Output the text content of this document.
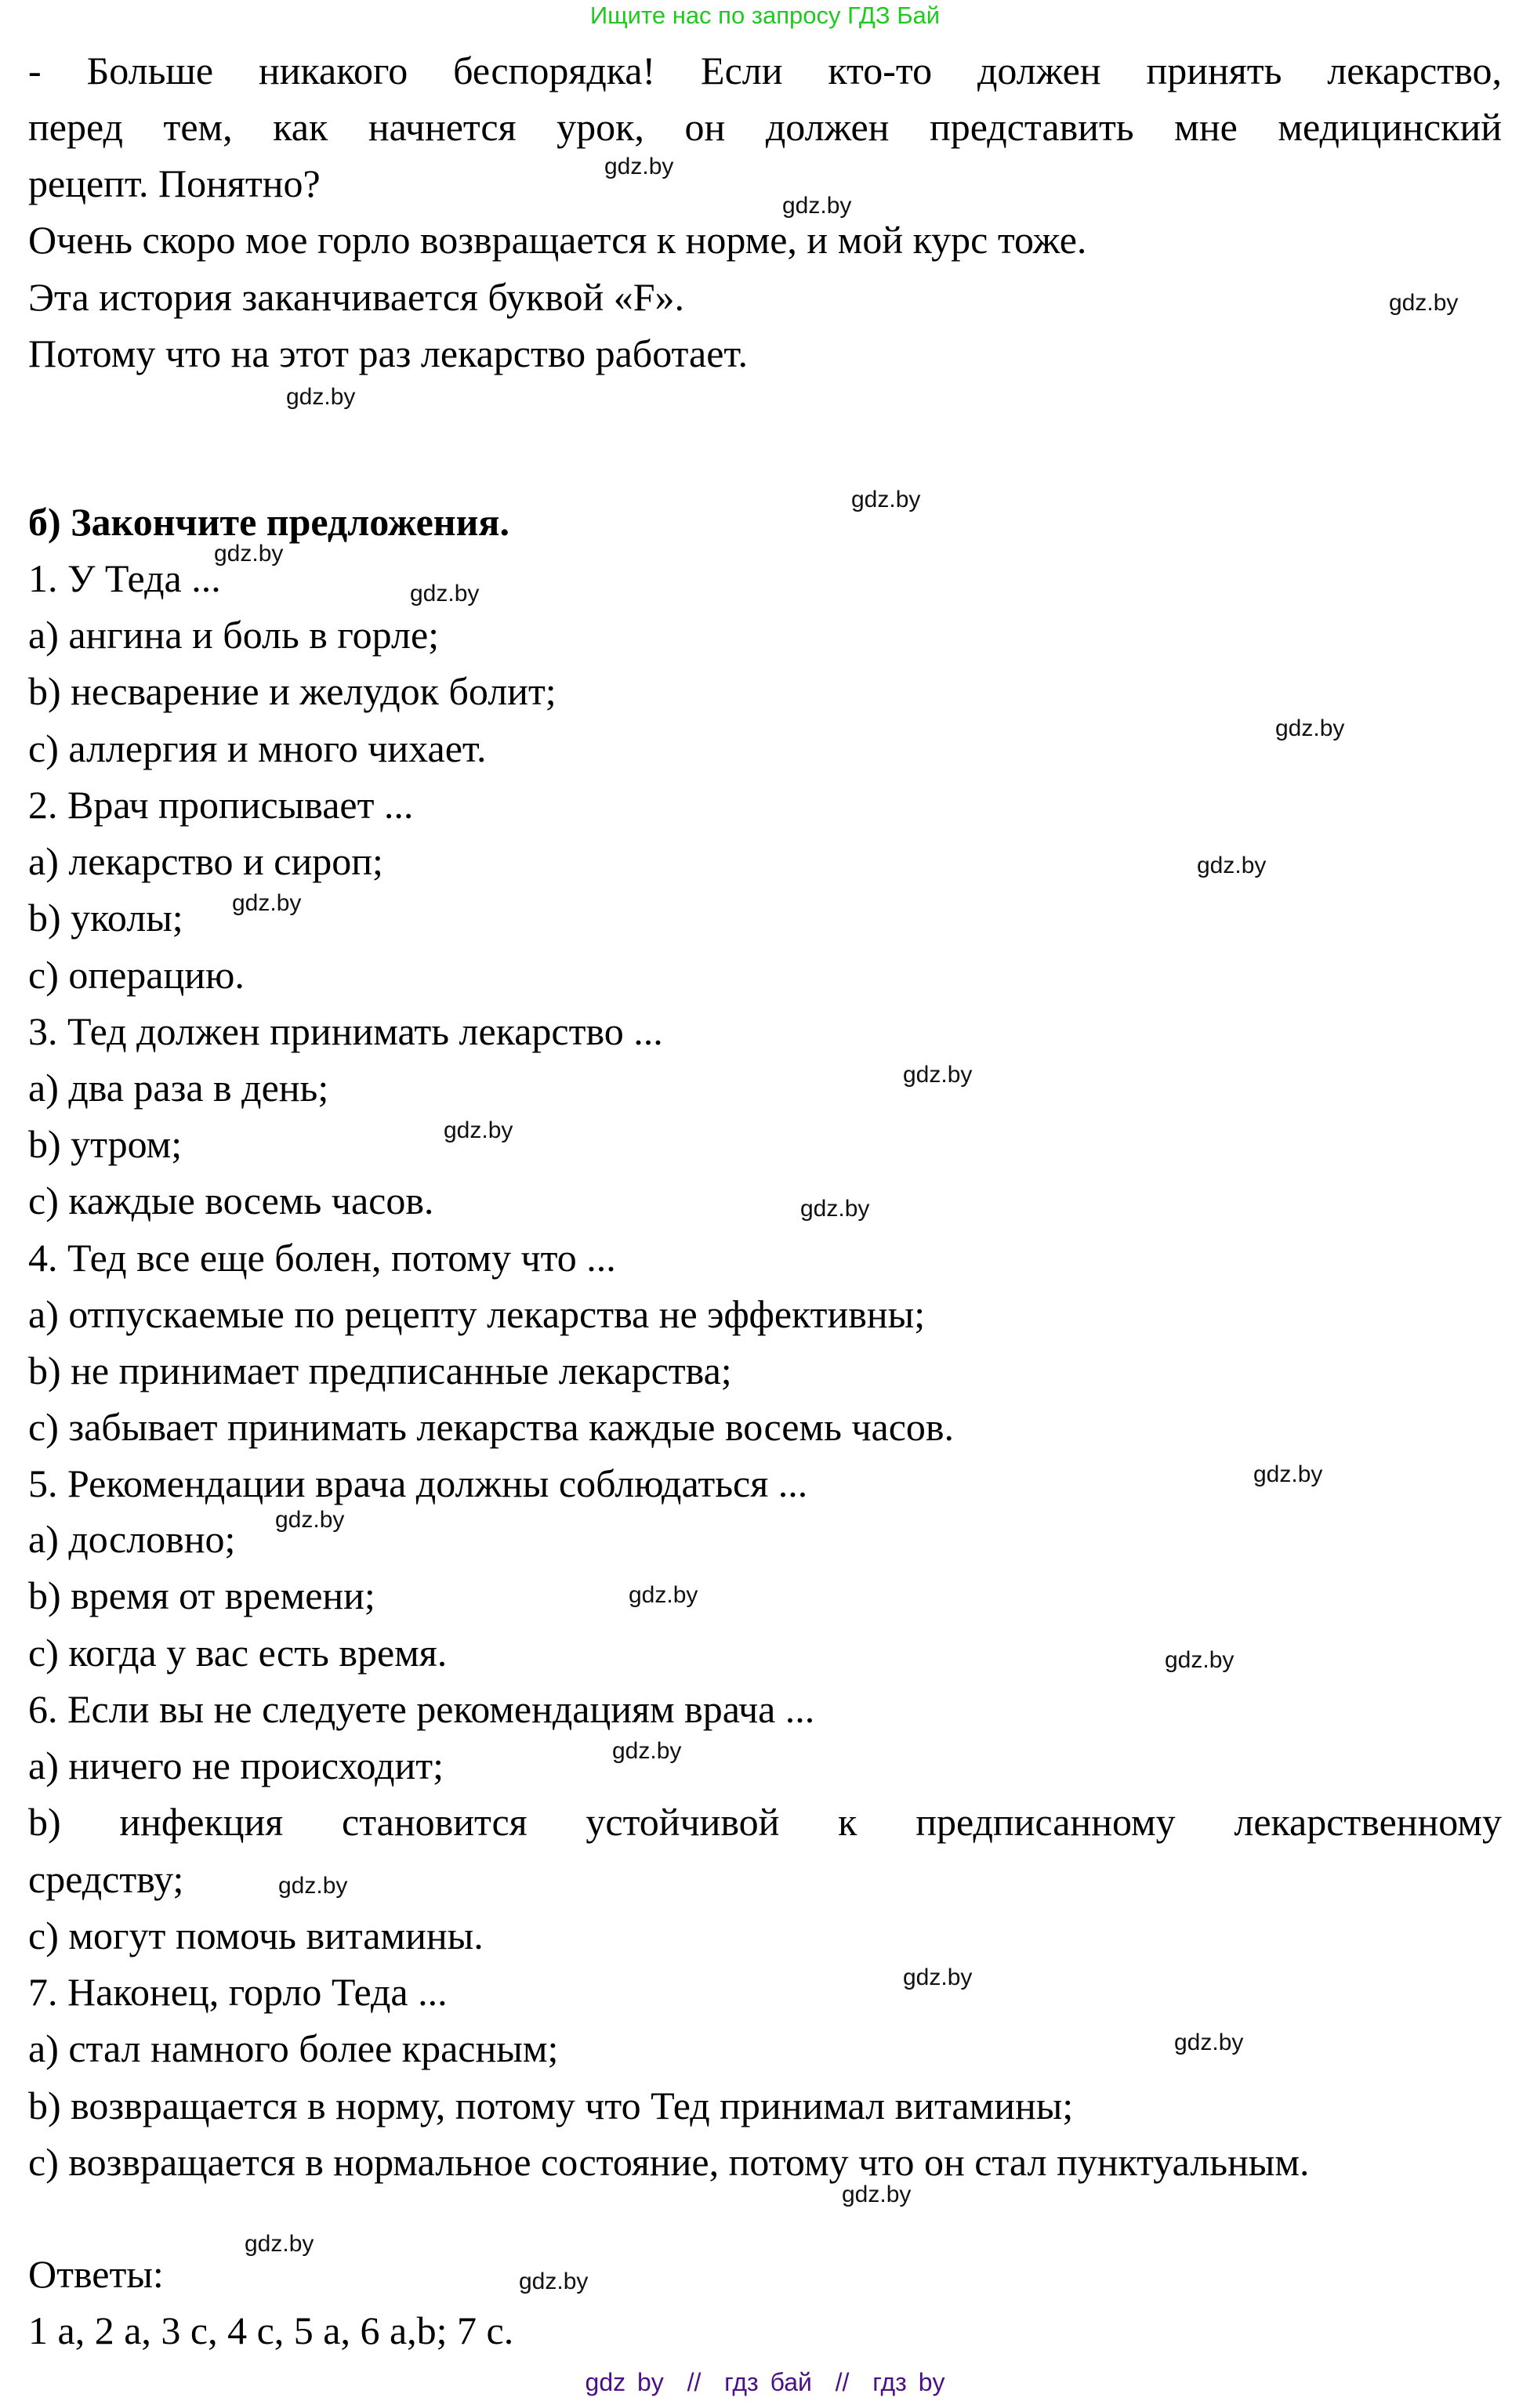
Ищите нас по запросу ГДЗ Бай
- Больше никакого беспорядка! Если кто-то должен принять лекарство,
перед тем, как начнется урок, он должен представить мне медицинский
рецепт. Понятно?
Очень скоро мое горло возвращается к норме, и мой курс тоже.
Эта история заканчивается буквой «F».
Потому что на этот раз лекарство работает.
б) Закончите предложения.
1. У Теда ...
a) ангина и боль в горле;
b) несварение и желудок болит;
c) аллергия и много чихает.
2. Врач прописывает ...
a) лекарство и сироп;
b) уколы;
c) операцию.
3. Тед должен принимать лекарство ...
a) два раза в день;
b) утром;
c) каждые восемь часов.
4. Тед все еще болен, потому что ...
a) отпускаемые по рецепту лекарства не эффективны;
b) не принимает предписанные лекарства;
c) забывает принимать лекарства каждые восемь часов.
5. Рекомендации врача должны соблюдаться ...
a) дословно;
b) время от времени;
c) когда у вас есть время.
6. Если вы не следуете рекомендациям врача ...
a) ничего не происходит;
b) инфекция становится устойчивой к предписанному лекарственному
средству;
c) могут помочь витамины.
7. Наконец, горло Теда ...
a) стал намного более красным;
b) возвращается в норму, потому что Тед принимал витамины;
c) возвращается в нормальное состояние, потому что он стал пунктуальным.
Ответы:
1 a, 2 a, 3 c, 4 c, 5 a, 6 a,b; 7 c.
gdz.by
gdz.by
gdz.by
gdz.by
gdz.by
gdz.by
gdz.by
gdz.by
gdz.by
gdz.by
gdz.by
gdz.by
gdz.by
gdz.by
gdz.by
gdz.by
gdz.by
gdz.by
gdz.by
gdz.by
gdz.by
gdz.by
gdz.by
gdz.by
gdz by  //  гдз бай  //  гдз by
